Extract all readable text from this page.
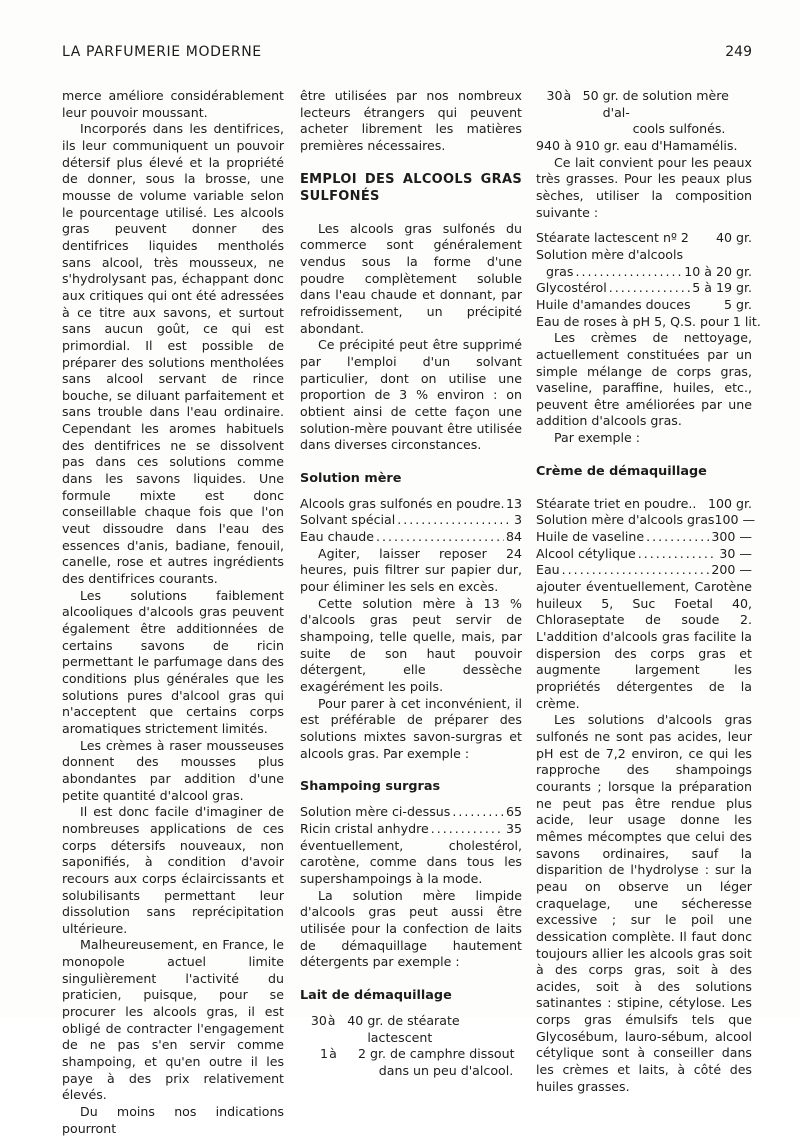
LA PARFUMERIE MODERNE	249

merce améliore considérablement leur pouvoir moussant.

Incorporés dans les dentifrices, ils leur communiquent un pouvoir détersif plus élevé et la propriété de donner, sous la brosse, une mousse de volume variable selon le pourcentage utilisé. Les alcools gras peuvent donner des dentifrices liquides mentholés sans alcool, très mousseux, ne s'hydrolysant pas, échappant donc aux critiques qui ont été adressées à ce titre aux savons, et surtout sans aucun goût, ce qui est primordial. Il est possible de préparer des solutions mentholées sans alcool servant de rince bouche, se diluant parfaitement et sans trouble dans l'eau ordinaire. Cependant les aromes habituels des dentifrices ne se dissolvent pas dans ces solutions comme dans les savons liquides. Une formule mixte est donc conseillable chaque fois que l'on veut dissoudre dans l'eau des essences d'anis, badiane, fenouil, canelle, rose et autres ingrédients des dentifrices courants.

Les solutions faiblement alcooliques d'alcools gras peuvent également être additionnées de certains savons de ricin permettant le parfumage dans des conditions plus générales que les solutions pures d'alcool gras qui n'acceptent que certains corps aromatiques strictement limités.

Les crèmes à raser mousseuses donnent des mousses plus abondantes par addition d'une petite quantité d'alcool gras.

Il est donc facile d'imaginer de nombreuses applications de ces corps détersifs nouveaux, non saponifiés, à condition d'avoir recours aux corps éclaircissants et solubilisants permettant leur dissolution sans reprécipitation ultérieure.

Malheureusement, en France, le monopole actuel limite singulièrement l'activité du praticien, puisque, pour se procurer les alcools gras, il est obligé de contracter l'engagement de ne pas s'en servir comme shampoing, et qu'en outre il les paye à des prix relativement élevés.

Du moins nos indications pourront

être utilisées par nos nombreux lecteurs étrangers qui peuvent acheter librement les matières premières nécessaires.

EMPLOI DES ALCOOLS GRAS SULFONÉS

Les alcools gras sulfonés du commerce sont généralement vendus sous la forme d'une poudre complètement soluble dans l'eau chaude et donnant, par refroidissement, un précipité abondant.

Ce précipité peut être supprimé par l'emploi d'un solvant particulier, dont on utilise une proportion de 3 % environ : on obtient ainsi de cette façon une solution-mère pouvant être utilisée dans diverses circonstances.

Solution mère

Alcools gras sulfonés en poudre. 13
Solvant spécial . . .	3
Eau chaude . . .	84

Agiter, laisser reposer 24 heures, puis filtrer sur papier dur, pour éliminer les sels en excès.

Cette solution mère à 13 % d'alcools gras peut servir de shampoing, telle quelle, mais, par suite de son haut pouvoir détergent, elle dessèche exagérément les poils.

Pour parer à cet inconvénient, il est préférable de préparer des solutions mixtes savon-surgras et alcools gras. Par exemple :

Shampoing surgras

Solution mère ci-dessus . . .	65
Ricin cristal anhydre . . .	35

éventuellement, cholestérol, carotène, comme dans tous les supershampoings à la mode.

La solution mère limpide d'alcools gras peut aussi être utilisée pour la confection de laits de démaquillage hautement détergents par exemple :

Lait de démaquillage

30 à 40 gr. de stéarate lactescent
1 à	2 gr. de camphre dissout
dans un peu d'alcool.
30 à 50 gr. de solution mère d'al-
cools sulfonés.

940 à 910 gr. eau d'Hamamélis.

Ce lait convient pour les peaux très grasses. Pour les peaux plus sèches, utiliser la composition suivante :

Stéarate lactescent nº 2 40 gr.
Solution mère d'alcools
gras . . .	10 à 20 gr.
Glycostérol . . .	5 à 19 gr.
Huile d'amandes douces	5 gr.
Eau de roses à pH 5, Q.S. pour 1 lit.

Les crèmes de nettoyage, actuellement constituées par un simple mélange de corps gras, vaseline, paraffine, huiles, etc., peuvent être améliorées par une addition d'alcools gras.

Par exemple :

Crème de démaquillage

Stéarate triet en poudre.. 100 gr.
Solution mère d'alcools gras 100 —
Huile de vaseline . . .	300 —
Alcool cétylique . . .	30 —
Eau . . .	200 —

ajouter éventuellement, Carotène huileux 5, Suc Foetal 40, Chloraseptate de soude 2. L'addition d'alcools gras facilite la dispersion des corps gras et augmente largement les propriétés détergentes de la crème.

Les solutions d'alcools gras sulfonés ne sont pas acides, leur pH est de 7,2 environ, ce qui les rapproche des shampoings courants ; lorsque la préparation ne peut pas être rendue plus acide, leur usage donne les mêmes mécomptes que celui des savons ordinaires, sauf la disparition de l'hydrolyse : sur la peau on observe un léger craquelage, une sécheresse excessive ; sur le poil une dessication complète. Il faut donc toujours allier les alcools gras soit à des corps gras, soit à des acides, soit à des solutions satinantes : stipine, cétylose. Les corps gras émulsifs tels que Glycosébum, lauro-sébum, alcool cétylique sont à conseiller dans les crèmes et laits, à côté des huiles grasses.
